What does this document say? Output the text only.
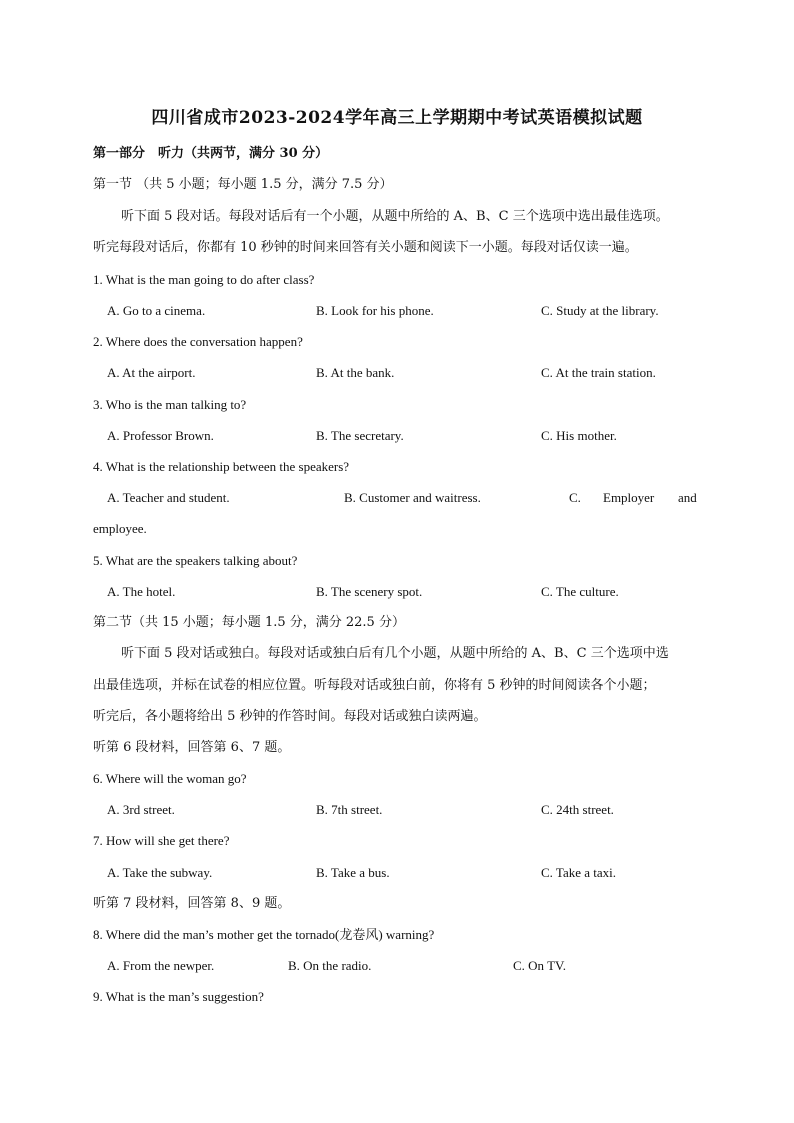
四川省成市2023-2024学年高三上学期期中考试英语模拟试题
第一部分　听力（共两节，满分 30 分）
第一节 （共 5 小题；每小题 1.5 分，满分 7.5 分）
听下面 5 段对话。每段对话后有一个小题，从题中所给的 A、B、C 三个选项中选出最佳选项。
听完每段对话后，你都有 10 秒钟的时间来回答有关小题和阅读下一小题。每段对话仅读一遍。
1. What is the man going to do after class?
A. Go to a cinema.	B. Look for his phone.	C. Study at the library.
2. Where does the conversation happen?
A. At the airport.	B. At the bank.	C. At the train station.
3. Who is the man talking to?
A. Professor Brown.	B. The secretary.	C. His mother.
4. What is the relationship between the speakers?
A. Teacher and student.	B. Customer and waitress.	C. Employer and
employee.
5. What are the speakers talking about?
A. The hotel.	B. The scenery spot.	C. The culture.
第二节（共 15 小题；每小题 1.5 分，满分 22.5 分）
听下面 5 段对话或独白。每段对话或独白后有几个小题，从题中所给的 A、B、C 三个选项中选
出最佳选项，并标在试卷的相应位置。听每段对话或独白前，你将有 5 秒钟的时间阅读各个小题；
听完后，各小题将给出 5 秒钟的作答时间。每段对话或独白读两遍。
听第 6 段材料，回答第 6、7 题。
6. Where will the woman go?
A. 3rd street.	B. 7th street.	C. 24th street.
7. How will she get there?
A. Take the subway.	B. Take a bus.	C. Take a taxi.
听第 7 段材料，回答第 8、9 题。
8. Where did the man’s mother get the tornado(龙卷风) warning?
A. From the newper.	B. On the radio.	C. On TV.
9. What is the man’s suggestion?
